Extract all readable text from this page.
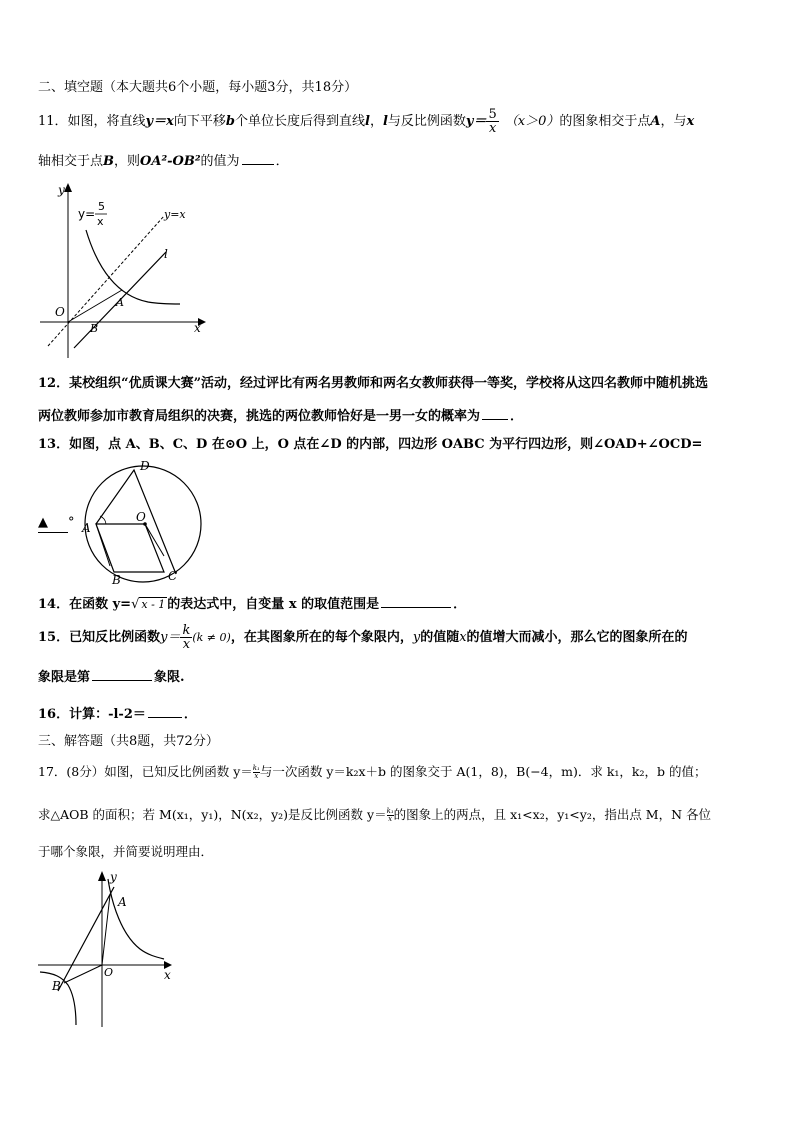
二、填空题（本大题共6个小题，每小题3分，共18分）
11．如图，将直线y＝x向下平移b个单位长度后得到直线l，l与反比例函数$y= \frac{5}{x} (x>0)$的图象相交于点A，与x
轴相交于点B，则OA²-OB²的值为	．
y
x
O
y=
5
x
y=x
l
A
B
12．某校组织“优质课大赛”活动，经过评比有两名男教师和两名女教师获得一等奖，学校将从这四名教师中随机挑选
两位教师参加市教育局组织的决赛，挑选的两位教师恰好是一男一女的概率为 ．
13．如图，点 A、B、C、D 在⊙O 上，O 点在∠D 的内部，四边形 OABC 为平行四边形，则∠OAD+∠OCD=
▲ °
D
O
A
B	C
14．在函数 y=√ x - 1 的表达式中，自变量 x 的取值范围是	．
15．已知反比例函数$y= \frac{k}{x} (k \ne 0)$，在其图象所在的每个象限内，y的值随x的值增大而减小，那么它的图象所在的
象限是第	象限.
16．计算：-l-2＝	．
三、解答题（共8题，共72分）
17．(8分）如图，已知反比例函数 $y= \frac{\text{k₁}}{x}$ 与一次函数 y＝k₂x＋b 的图象交于 A(1，8)，B(−4，m)．求 k₁，k₂，b 的值；
求△AOB 的面积；若 M(x₁，y₁)，N(x₂，y₂)是反比例函数 $y= \frac{\text{k₁}}{x}$ 的图象上的两点，且 x₁<x₂，y₁<y₂，指出点 M，N 各位
于哪个象限，并简要说明理由．
y
x
O
A
B
